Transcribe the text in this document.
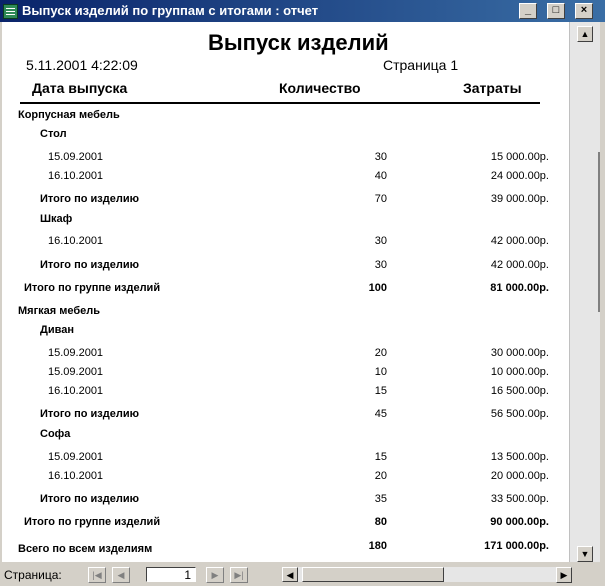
Выпуск изделий по группам с итогами : отчет	_	□	×
Выпуск изделий
5.11.2001 4:22:09	Страница 1
Дата выпуска	Количество	Затраты
Корпусная мебель
Стол
15.09.2001	30	15 000.00р.
16.10.2001	40	24 000.00р.
Итого по изделию	70	39 000.00р.
Шкаф
16.10.2001	30	42 000.00р.
Итого по изделию	30	42 000.00р.
Итого по группе изделий	100	81 000.00р.
Мягкая мебель
Диван
15.09.2001	20	30 000.00р.
15.09.2001	10	10 000.00р.
16.10.2001	15	16 500.00р.
Итого по изделию	45	56 500.00р.
Софа
15.09.2001	15	13 500.00р.
16.10.2001	20	20 000.00р.
Итого по изделию	35	33 500.00р.
Итого по группе изделий	80	90 000.00р.
Всего по всем изделиям	180	171 000.00р.
▲
▼
Страница:	|◀	◀	1	▶	▶|	◀	▶
